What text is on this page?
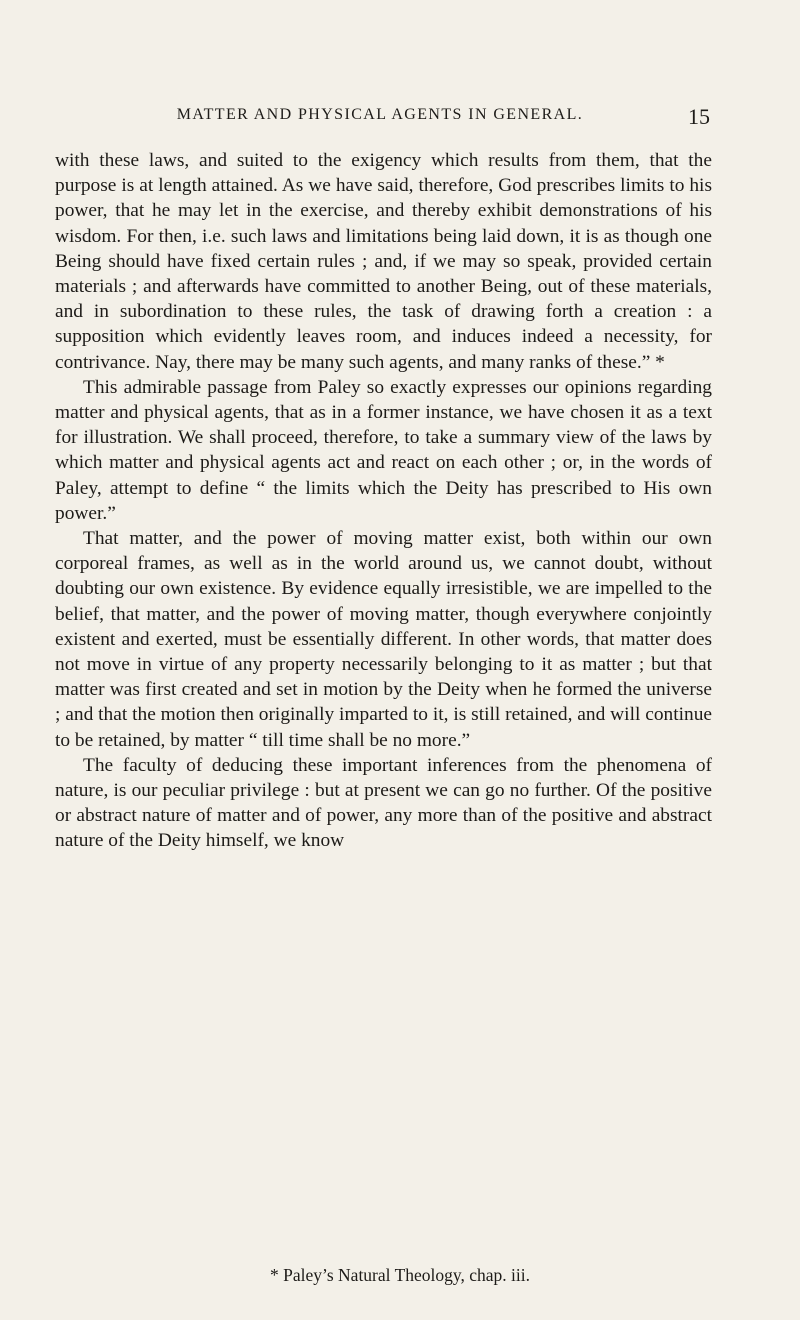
MATTER AND PHYSICAL AGENTS IN GENERAL.	15

with these laws, and suited to the exigency which results from them, that the purpose is at length attained. As we have said, therefore, God prescribes limits to his power, that he may let in the exercise, and thereby exhibit demonstrations of his wisdom. For then, i.e. such laws and limitations being laid down, it is as though one Being should have fixed certain rules ; and, if we may so speak, provided certain materials ; and afterwards have committed to another Being, out of these materials, and in subordination to these rules, the task of drawing forth a creation : a supposition which evidently leaves room, and induces indeed a necessity, for contrivance. Nay, there may be many such agents, and many ranks of these.” *

This admirable passage from Paley so exactly expresses our opinions regarding matter and physical agents, that as in a former instance, we have chosen it as a text for illustration. We shall proceed, therefore, to take a summary view of the laws by which matter and physical agents act and react on each other ; or, in the words of Paley, attempt to define “ the limits which the Deity has prescribed to His own power.”

That matter, and the power of moving matter exist, both within our own corporeal frames, as well as in the world around us, we cannot doubt, without doubting our own existence. By evidence equally irresistible, we are impelled to the belief, that matter, and the power of moving matter, though everywhere conjointly existent and exerted, must be essentially different. In other words, that matter does not move in virtue of any property necessarily belonging to it as matter ; but that matter was first created and set in motion by the Deity when he formed the universe ; and that the motion then originally imparted to it, is still retained, and will continue to be retained, by matter “ till time shall be no more.”

The faculty of deducing these important inferences from the phenomena of nature, is our peculiar privilege : but at present we can go no further. Of the positive or abstract nature of matter and of power, any more than of the positive and abstract nature of the Deity himself, we know

* Paley’s Natural Theology, chap. iii.
